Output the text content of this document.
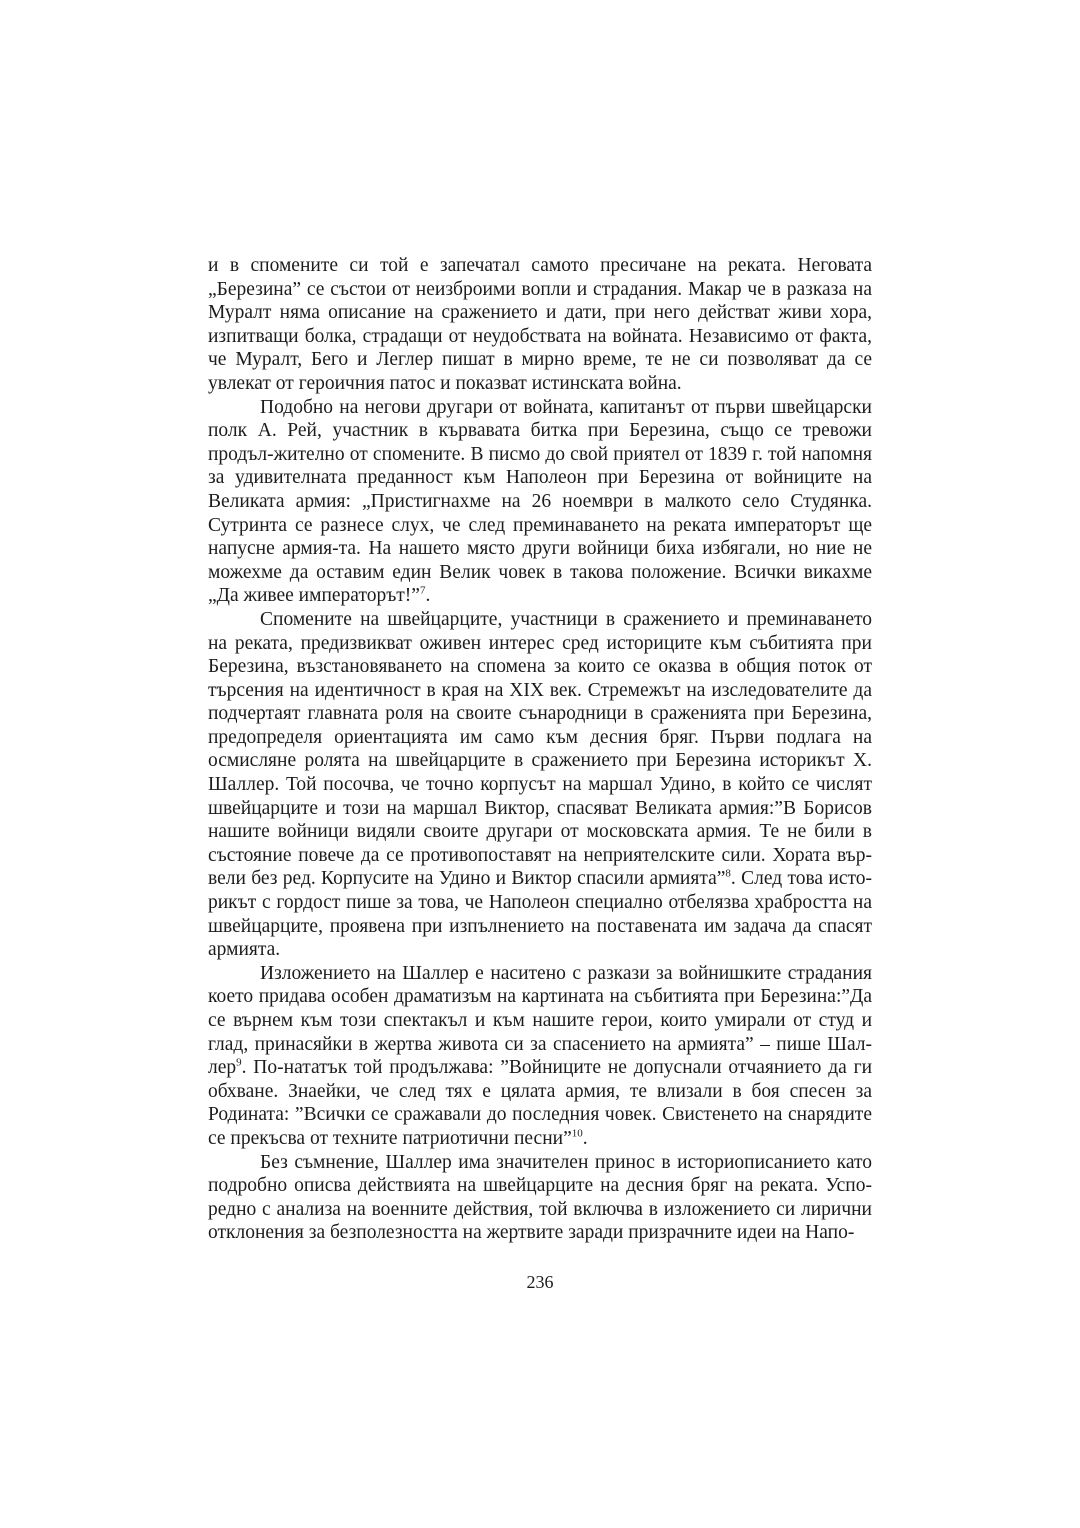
и в спомените си той е запечатал самото пресичане на реката. Неговата „Березина” се състои от неизброими вопли и страдания. Макар че в разказа на Муралт няма описание на сражението и дати, при него действат живи хора, изпитващи болка, страдащи от неудобствата на войната. Независимо от факта, че Муралт, Бего и Леглер пишат в мирно време, те не си позволяват да се увлекат от героичния патос и показват истинската война.

Подобно на негови другари от войната, капитанът от първи швейцарски полк А. Рей, участник в кървавата битка при Березина, също се тревожи продъл-жително от спомените. В писмо до свой приятел от 1839 г. той напомня за удивителната преданност към Наполеон при Березина от войниците на Великата армия: „Пристигнахме на 26 ноември в малкото село Студянка. Сутринта се разнесе слух, че след преминаването на реката императорът ще напусне армия-та. На нашето място други войници биха избягали, но ние не можехме да оставим един Велик човек в такова положение. Всички викахме „Да живее императорът!”$^7$.

Спомените на швейцарците, участници в сражението и преминаването на реката, предизвикват оживен интерес сред историците към събитията при Березина, възстановяването на спомена за които се оказва в общия поток от търсения на идентичност в края на XIX век. Стремежът на изследователите да подчертаят главната роля на своите сънародници в сраженията при Березина, предопределя ориентацията им само към десния бряг. Първи подлага на осмисляне ролята на швейцарците в сражението при Березина историкът Х. Шаллер. Той посочва, че точно корпусът на маршал Удино, в който се числят швейцарците и този на маршал Виктор, спасяват Великата армия:”В Борисов нашите войници видяли своите другари от московската армия. Те не били в състояние повече да се противопоставят на неприятелските сили. Хората вър-вели без ред. Корпусите на Удино и Виктор спасили армията”$^8$. След това исто-рикът с гордост пише за това, че Наполеон специално отбелязва храбростта на швейцарците, проявена при изпълнението на поставената им задача да спасят армията.

Изложението на Шаллер е наситено с разкази за войнишките страдания което придава особен драматизъм на картината на събитията при Березина:”Да се върнем към този спектакъл и към нашите герои, които умирали от студ и глад, принасяйки в жертва живота си за спасението на армията” – пише Шал-лер$^9$. По-нататък той продължава: ”Войниците не допуснали отчаянието да ги обхване. Знаейки, че след тях е цялата армия, те влизали в боя спесен за Родината: ”Всички се сражавали до последния човек. Свистенето на снарядите се прекъсва от техните патриотични песни”$^{10}$.

Без съмнение, Шаллер има значителен принос в историописанието като подробно описва действията на швейцарците на десния бряг на реката. Успо-редно с анализа на военните действия, той включва в изложението си лирични отклонения за безполезността на жертвите заради призрачните идеи на Напо-

236
